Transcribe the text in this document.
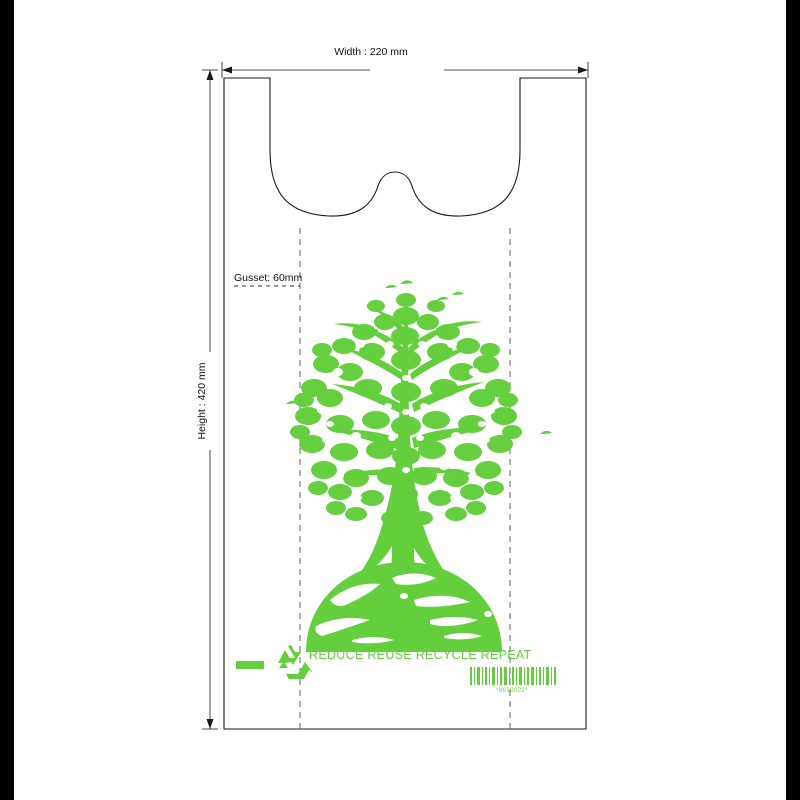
Width : 220 mm
Height : 420 mm
Gusset: 60mm
REDUCE REUSE RECYCLE REPEAT
*8630022*
